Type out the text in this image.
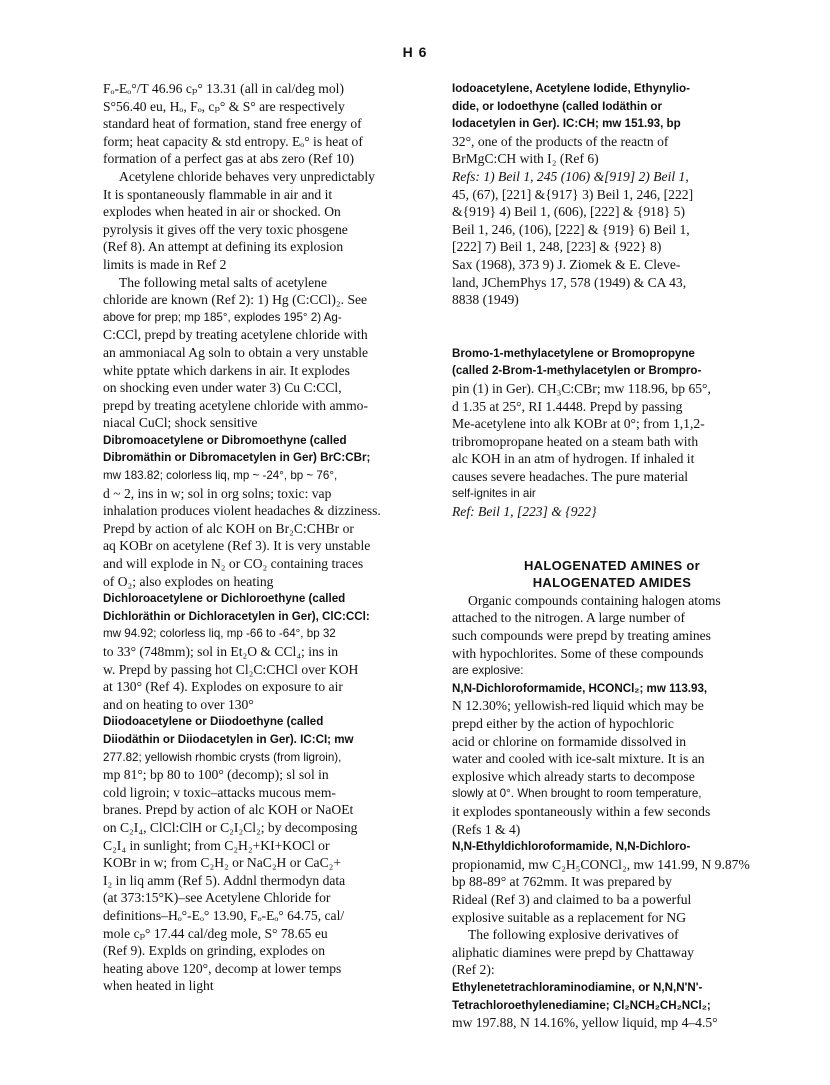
H 6
Fₒ-Eₒ°/T 46.96 cₚ° 13.31 (all in cal/deg mol)
S°56.40 eu, Hₒ, Fₒ, cₚ° & S° are respectively
standard heat of formation, stand free energy of
form; heat capacity & std entropy. Eₒ° is heat of
formation of a perfect gas at abs zero (Ref 10)
Acetylene chloride behaves very unpredictably
It is spontaneously flammable in air and it
explodes when heated in air or shocked. On
pyrolysis it gives off the very toxic phosgene
(Ref 8). An attempt at defining its explosion
limits is made in Ref 2
The following metal salts of acetylene
chloride are known (Ref 2): 1) Hg (C:CCl)₂. See
above for prep; mp 185°, explodes 195° 2) Ag-
C:CCl, prepd by treating acetylene chloride with
an ammoniacal Ag soln to obtain a very unstable
white pptate which darkens in air. It explodes
on shocking even under water 3) Cu C:CCl,
prepd by treating acetylene chloride with ammo-
niacal CuCl; shock sensitive
Dibromoacetylene or Dibromoethyne (called
Dibromäthin or Dibromacetylen in Ger) BrC:CBr;
mw 183.82; colorless liq, mp ~ -24°, bp ~ 76°,
d ~ 2, ins in w; sol in org solns; toxic: vap
inhalation produces violent headaches & dizziness.
Prepd by action of alc KOH on Br₂C:CHBr or
aq KOBr on acetylene (Ref 3). It is very unstable
and will explode in N₂ or CO₂ containing traces
of O₂; also explodes on heating
Dichloroacetylene or Dichloroethyne (called
Dichloräthin or Dichloracetylen in Ger), ClC:CCl:
mw 94.92; colorless liq, mp -66 to -64°, bp 32
to 33° (748mm); sol in Et₂O & CCl₄; ins in
w. Prepd by passing hot Cl₂C:CHCl over KOH
at 130° (Ref 4). Explodes on exposure to air
and on heating to over 130°
Diiodoacetylene or Diiodoethyne (called
Diiodäthin or Diiodacetylen in Ger). IC:CI; mw
277.82; yellowish rhombic crysts (from ligroin),
mp 81°; bp 80 to 100° (decomp); sl sol in
cold ligroin; v toxic–attacks mucous mem-
branes. Prepd by action of alc KOH or NaOEt
on C₂I₄, ClCl:ClH or C₂I₂Cl₂; by decomposing
C₂I₄ in sunlight; from C₂H₂+KI+KOCl or
KOBr in w; from C₂H₂ or NaC₂H or CaC₂+
I₂ in liq amm (Ref 5). Addnl thermodyn data
(at 373:15°K)–see Acetylene Chloride for
definitions–Hₒ°-Eₒ° 13.90, Fₒ-Eₒ° 64.75, cal/
mole cₚ° 17.44 cal/deg mole, S° 78.65 eu
(Ref 9). Explds on grinding, explodes on
heating above 120°, decomp at lower temps
when heated in light
Iodoacetylene, Acetylene Iodide, Ethynylio-
dide, or Iodoethyne (called Iodäthin or
Iodacetylen in Ger). IC:CH; mw 151.93, bp
32°, one of the products of the reactn of
BrMgC:CH with I₂ (Ref 6)
Refs: 1) Beil 1, 245 (106) &[919] 2) Beil 1,
45, (67), [221] &{917} 3) Beil 1, 246, [222]
&{919} 4) Beil 1, (606), [222] & {918} 5)
Beil 1, 246, (106), [222] & {919} 6) Beil 1,
[222] 7) Beil 1, 248, [223] & {922} 8)
Sax (1968), 373 9) J. Ziomek & E. Cleve-
land, JChemPhys 17, 578 (1949) & CA 43,
8838 (1949)
Bromo-1-methylacetylene or Bromopropyne
(called 2-Brom-1-methylacetylen or Brompro-
pin (1) in Ger). CH₃C:CBr; mw 118.96, bp 65°,
d 1.35 at 25°, RI 1.4448. Prepd by passing
Me-acetylene into alk KOBr at 0°; from 1,1,2-
tribromopropane heated on a steam bath with
alc KOH in an atm of hydrogen. If inhaled it
causes severe headaches. The pure material
self-ignites in air
Ref: Beil 1, [223] & {922}
HALOGENATED AMINES or
HALOGENATED AMIDES
Organic compounds containing halogen atoms
attached to the nitrogen. A large number of
such compounds were prepd by treating amines
with hypochlorites. Some of these compounds
are explosive:
N,N-Dichloroformamide, HCONCl₂; mw 113.93,
N 12.30%; yellowish-red liquid which may be
prepd either by the action of hypochloric
acid or chlorine on formamide dissolved in
water and cooled with ice-salt mixture. It is an
explosive which already starts to decompose
slowly at 0°. When brought to room temperature,
it explodes spontaneously within a few seconds
(Refs 1 & 4)
N,N-Ethyldichloroformamide, N,N-Dichloro-
propionamid, mw C₂H₅CONCl₂, mw 141.99, N 9.87%
bp 88-89° at 762mm. It was prepared by
Rideal (Ref 3) and claimed to ba a powerful
explosive suitable as a replacement for NG
The following explosive derivatives of
aliphatic diamines were prepd by Chattaway
(Ref 2):
Ethylenetetrachloraminodiamine, or N,N,N'N'-
Tetrachloroethylenediamine; Cl₂NCH₂CH₂NCl₂;
mw 197.88, N 14.16%, yellow liquid, mp 4–4.5°
